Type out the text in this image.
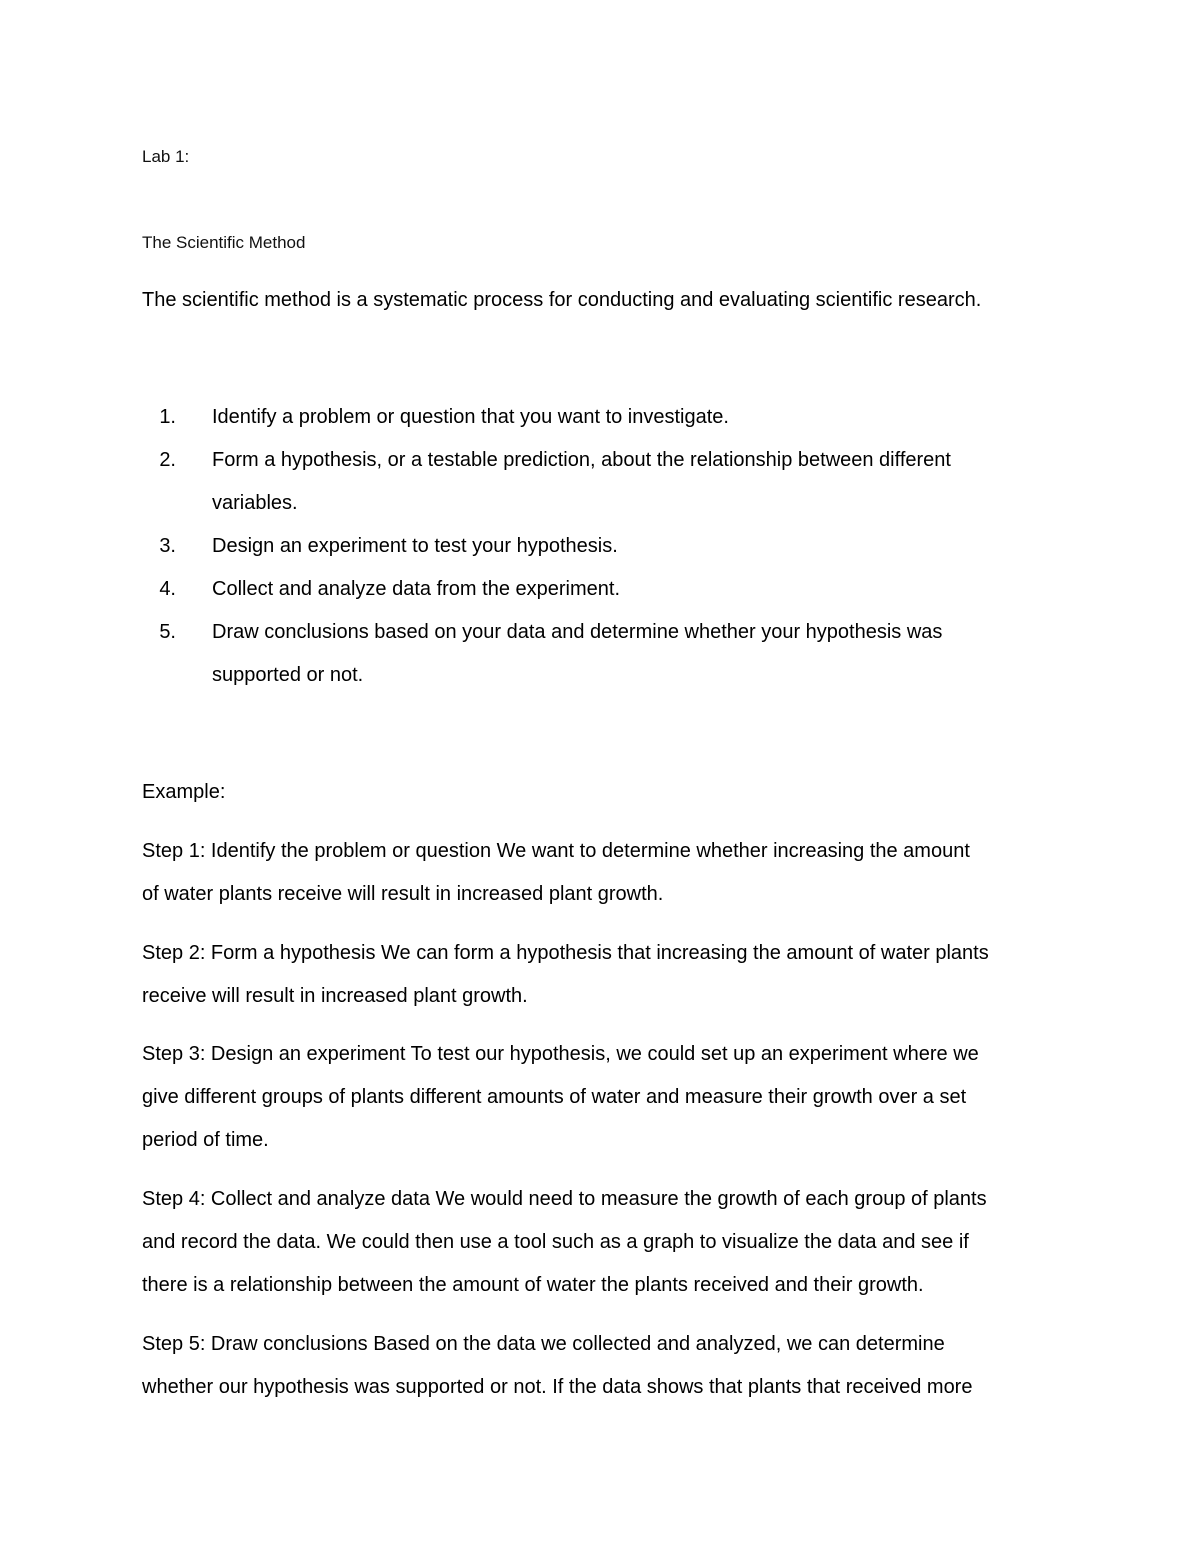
Lab 1:
The Scientific Method
The scientific method is a systematic process for conducting and evaluating scientific research.
1. Identify a problem or question that you want to investigate.
2. Form a hypothesis, or a testable prediction, about the relationship between different
variables.
3. Design an experiment to test your hypothesis.
4. Collect and analyze data from the experiment.
5. Draw conclusions based on your data and determine whether your hypothesis was
supported or not.
Example:
Step 1: Identify the problem or question We want to determine whether increasing the amount
of water plants receive will result in increased plant growth.
Step 2: Form a hypothesis We can form a hypothesis that increasing the amount of water plants
receive will result in increased plant growth.
Step 3: Design an experiment To test our hypothesis, we could set up an experiment where we
give different groups of plants different amounts of water and measure their growth over a set
period of time.
Step 4: Collect and analyze data We would need to measure the growth of each group of plants
and record the data. We could then use a tool such as a graph to visualize the data and see if
there is a relationship between the amount of water the plants received and their growth.
Step 5: Draw conclusions Based on the data we collected and analyzed, we can determine
whether our hypothesis was supported or not. If the data shows that plants that received more
